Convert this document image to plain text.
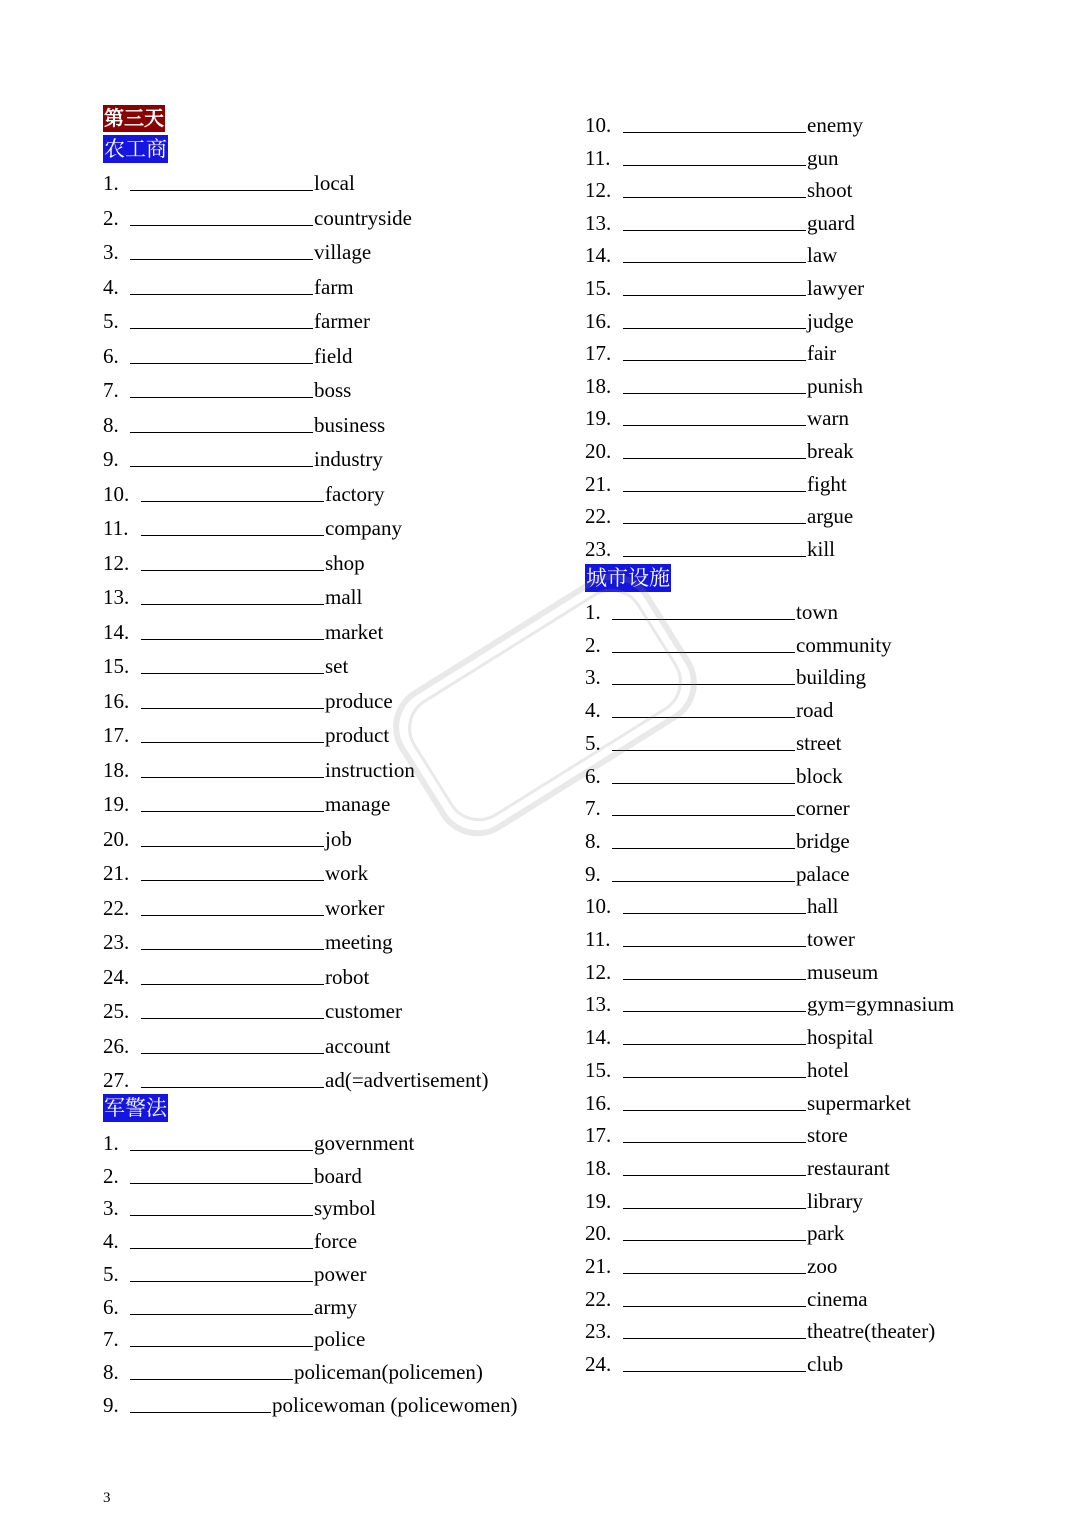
第三天
农工商
1.	local
2.	countryside
3.	village
4.	farm
5.	farmer
6.	field
7.	boss
8.	business
9.	industry
10.	factory
11.	company
12.	shop
13.	mall
14.	market
15.	set
16.	produce
17.	product
18.	instruction
19.	manage
20.	job
21.	work
22.	worker
23.	meeting
24.	robot
25.	customer
26.	account
27.	ad(=advertisement)
军警法
1.	government
2.	board
3.	symbol
4.	force
5.	power
6.	army
7.	police
8.	policeman(policemen)
9.	policewoman (policewomen)
10.	enemy
11.	gun
12.	shoot
13.	guard
14.	law
15.	lawyer
16.	judge
17.	fair
18.	punish
19.	warn
20.	break
21.	fight
22.	argue
23.	kill
城市设施
1.	town
2.	community
3.	building
4.	road
5.	street
6.	block
7.	corner
8.	bridge
9.	palace
10.	hall
11.	tower
12.	museum
13.	gym=gymnasium
14.	hospital
15.	hotel
16.	supermarket
17.	store
18.	restaurant
19.	library
20.	park
21.	zoo
22.	cinema
23.	theatre(theater)
24.	club
3
